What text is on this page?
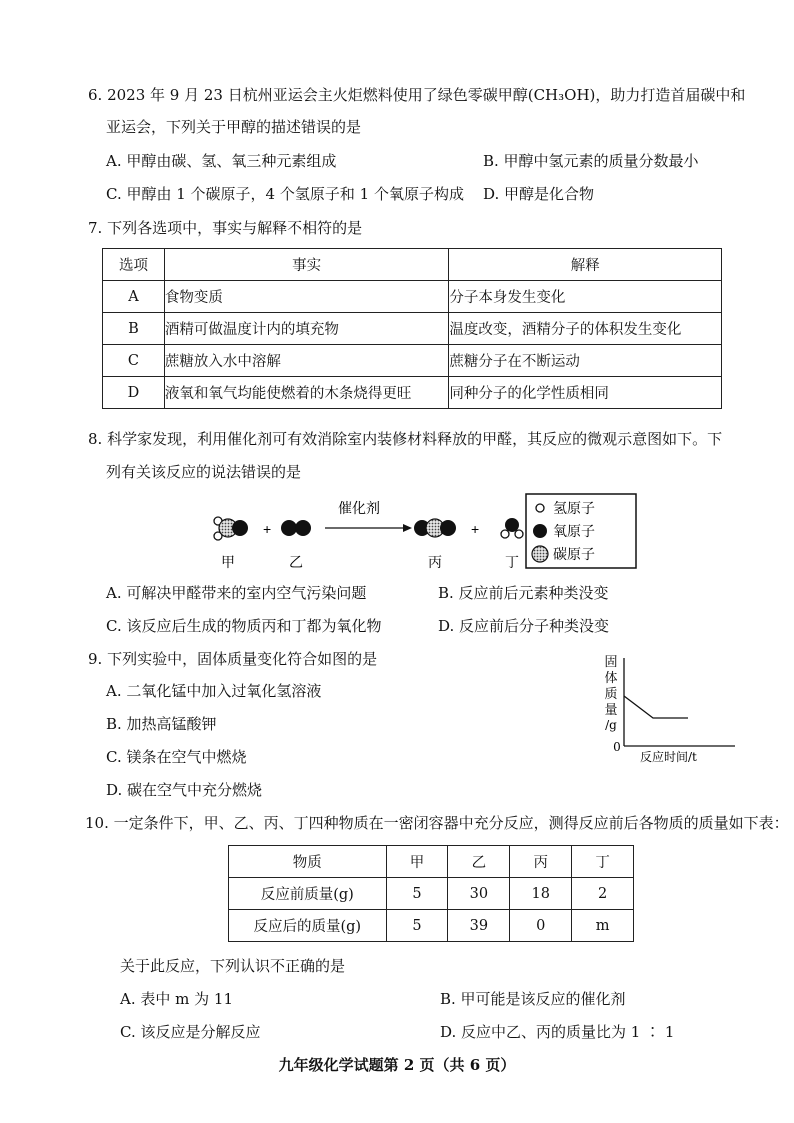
6. 2023 年 9 月 23 日杭州亚运会主火炬燃料使用了绿色零碳甲醇(CH₃OH)，助力打造首届碳中和
亚运会，下列关于甲醇的描述错误的是
A. 甲醇由碳、氢、氧三种元素组成	B. 甲醇中氢元素的质量分数最小
C. 甲醇由 1 个碳原子，4 个氢原子和 1 个氧原子构成 D. 甲醇是化合物
7. 下列各选项中，事实与解释不相符的是
选项	事实	解释
A	食物变质	分子本身发生变化
B	酒精可做温度计内的填充物	温度改变，酒精分子的体积发生变化
C	蔗糖放入水中溶解	蔗糖分子在不断运动
D	液氧和氧气均能使燃着的木条烧得更旺	同种分子的化学性质相同
8. 科学家发现，利用催化剂可有效消除室内装修材料释放的甲醛，其反应的微观示意图如下。下
列有关该反应的说法错误的是
+
催化剂
+
甲	乙	丙	丁
氢原子
氧原子
碳原子
A. 可解决甲醛带来的室内空气污染问题	B. 反应前后元素种类没变
C. 该反应后生成的物质丙和丁都为氧化物	D. 反应前后分子种类没变
9. 下列实验中，固体质量变化符合如图的是
A. 二氧化锰中加入过氧化氢溶液
B. 加热高锰酸钾
C. 镁条在空气中燃烧
D. 碳在空气中充分燃烧
固
体
质
量
/g
0
反应时间/t
10. 一定条件下，甲、乙、丙、丁四种物质在一密闭容器中充分反应，测得反应前后各物质的质量如下表：
物质	甲	乙	丙	丁
反应前质量(g)	5	30	18	2
反应后的质量(g)	5	39	0	m
关于此反应，下列认识不正确的是
A. 表中 m 为 11	B. 甲可能是该反应的催化剂
C. 该反应是分解反应	D. 反应中乙、丙的质量比为 1 ∶ 1
九年级化学试题第 2 页（共 6 页）
